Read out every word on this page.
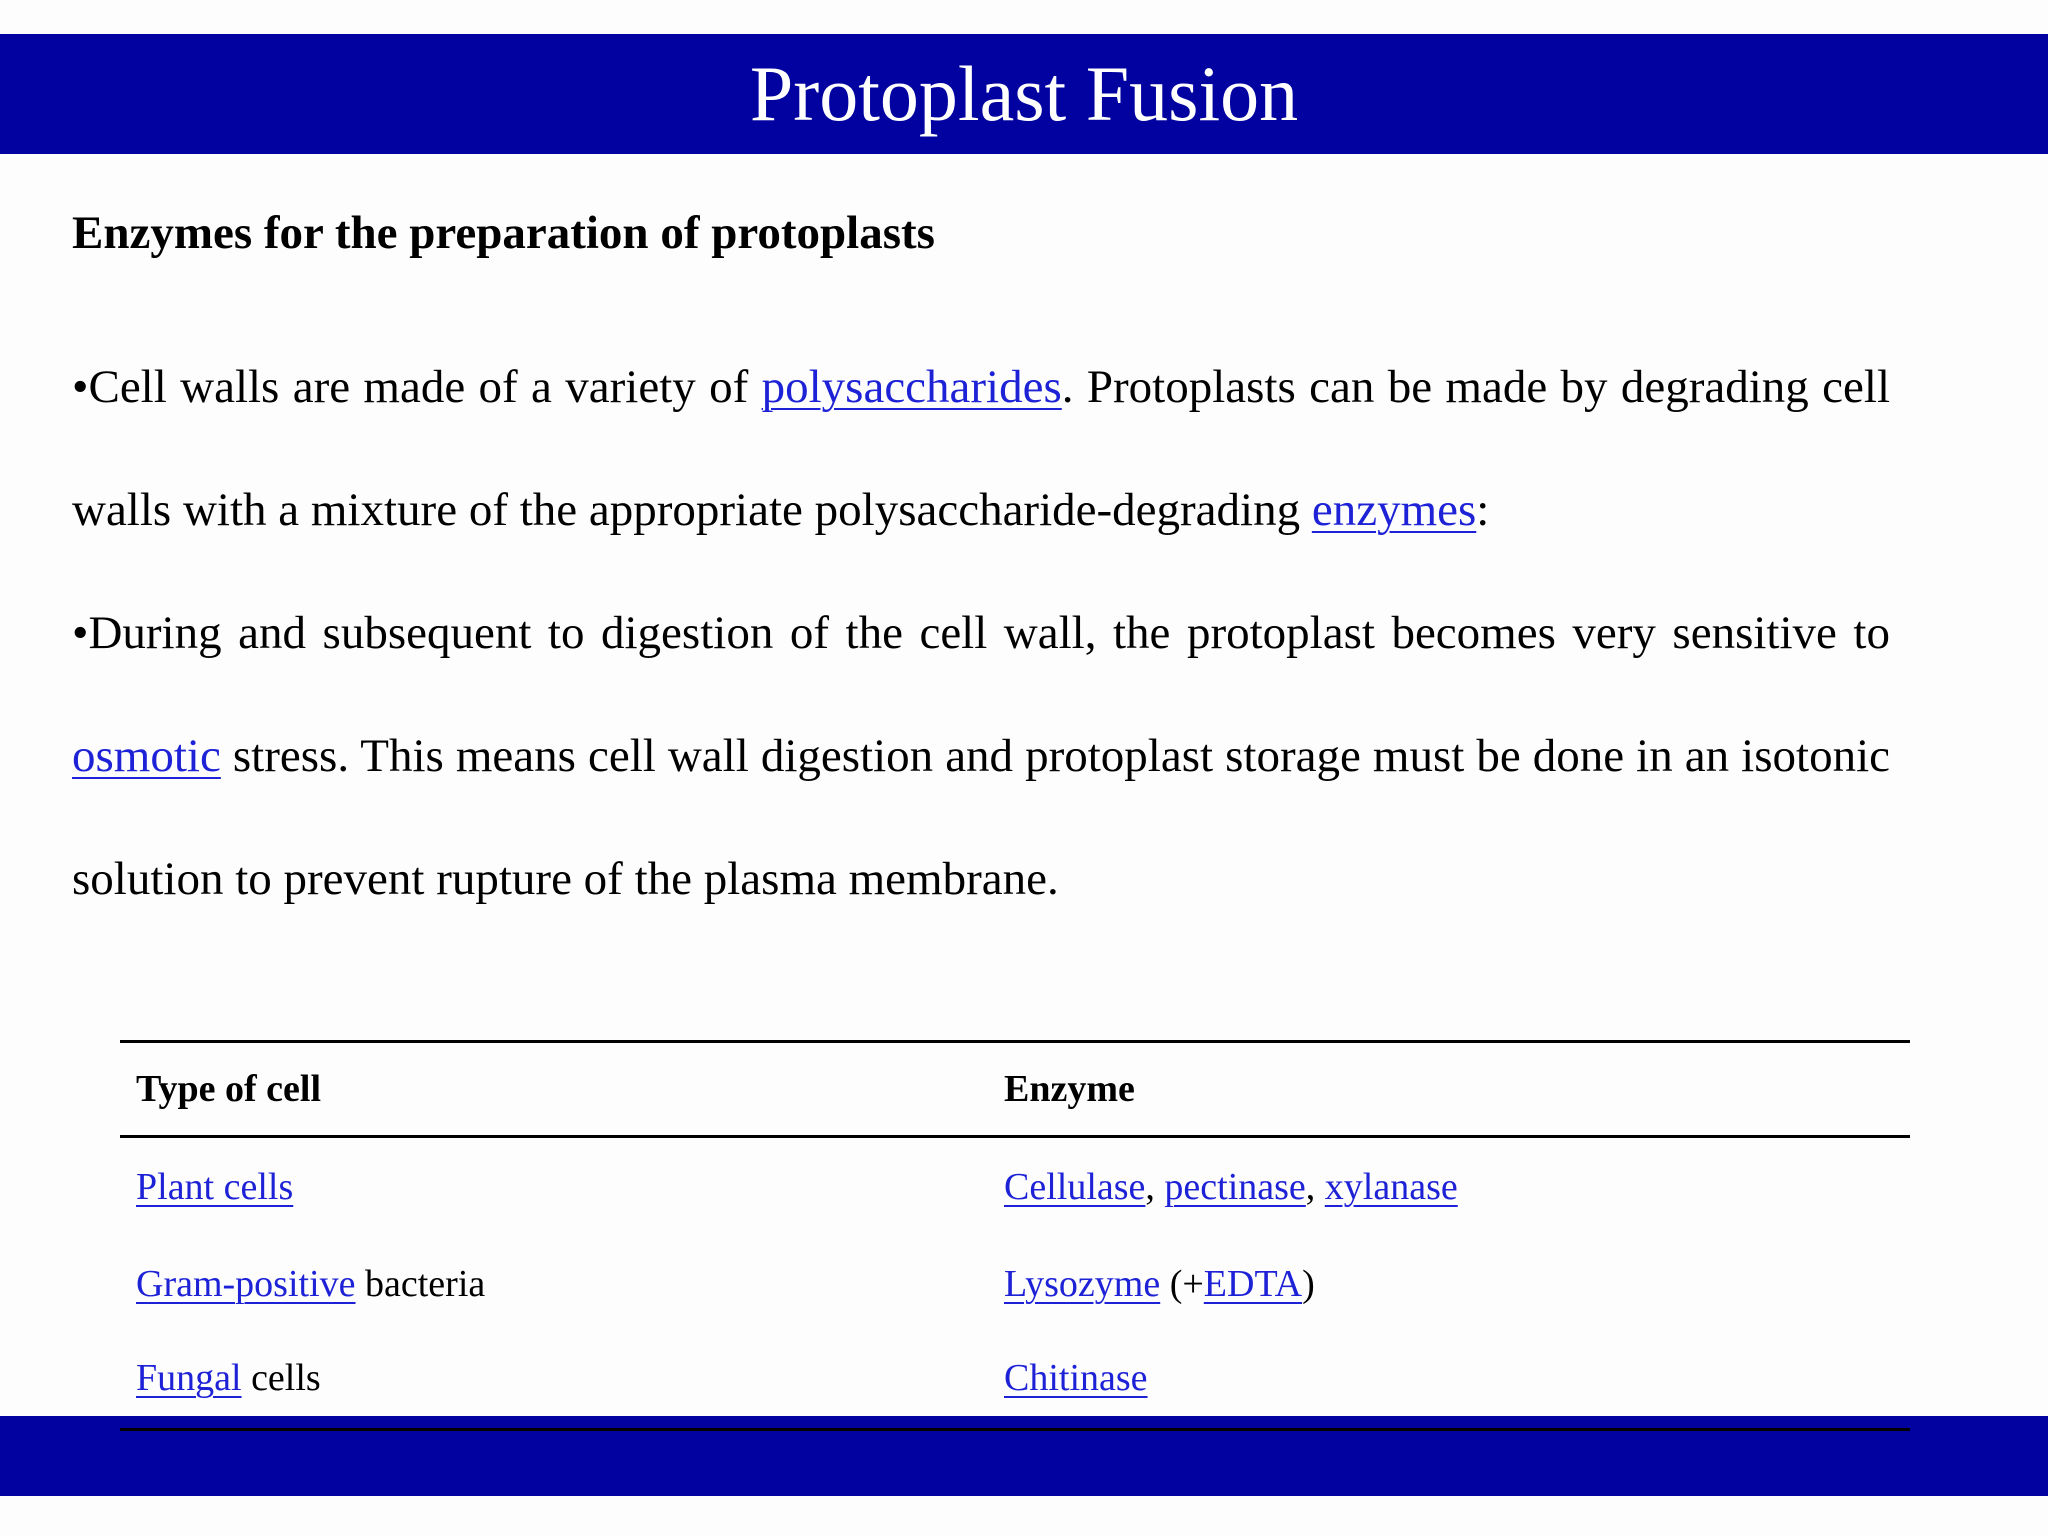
Protoplast Fusion

Enzymes for the preparation of protoplasts

•Cell walls are made of a variety of polysaccharides. Protoplasts can be made by degrading cell walls with a mixture of the appropriate polysaccharide-degrading enzymes:

•During and subsequent to digestion of the cell wall, the protoplast becomes very sensitive to osmotic stress. This means cell wall digestion and protoplast storage must be done in an isotonic solution to prevent rupture of the plasma membrane.

Type of cell	Enzyme
Plant cells	Cellulase, pectinase, xylanase
Gram-positive bacteria	Lysozyme (+EDTA)
Fungal cells	Chitinase
